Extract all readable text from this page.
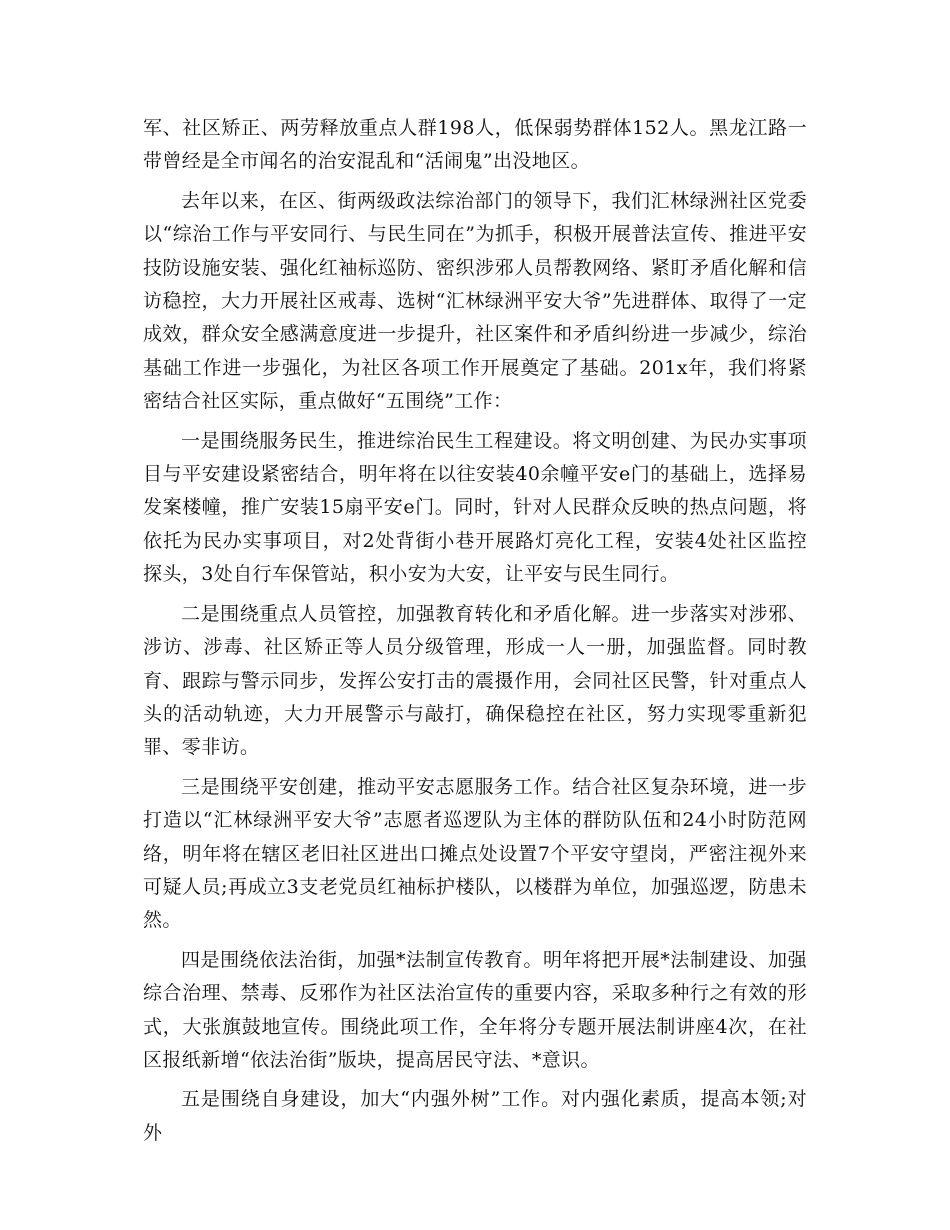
军、社区矫正、两劳释放重点人群198人，低保弱势群体152人。黑龙江路一带曾经是全市闻名的治安混乱和“活闹鬼”出没地区。

去年以来，在区、街两级政法综治部门的领导下，我们汇林绿洲社区党委以“综治工作与平安同行、与民生同在”为抓手，积极开展普法宣传、推进平安技防设施安装、强化红袖标巡防、密织涉邪人员帮教网络、紧盯矛盾化解和信访稳控，大力开展社区戒毒、选树“汇林绿洲平安大爷”先进群体、取得了一定成效，群众安全感满意度进一步提升，社区案件和矛盾纠纷进一步减少，综治基础工作进一步强化，为社区各项工作开展奠定了基础。201x年，我们将紧密结合社区实际，重点做好“五围绕”工作：

一是围绕服务民生，推进综治民生工程建设。将文明创建、为民办实事项目与平安建设紧密结合，明年将在以往安装40余幢平安e门的基础上，选择易发案楼幢，推广安装15扇平安e门。同时，针对人民群众反映的热点问题，将依托为民办实事项目，对2处背街小巷开展路灯亮化工程，安装4处社区监控探头，3处自行车保管站，积小安为大安，让平安与民生同行。

二是围绕重点人员管控，加强教育转化和矛盾化解。进一步落实对涉邪、涉访、涉毒、社区矫正等人员分级管理，形成一人一册，加强监督。同时教育、跟踪与警示同步，发挥公安打击的震摄作用，会同社区民警，针对重点人头的活动轨迹，大力开展警示与敲打，确保稳控在社区，努力实现零重新犯罪、零非访。

三是围绕平安创建，推动平安志愿服务工作。结合社区复杂环境，进一步打造以“汇林绿洲平安大爷”志愿者巡逻队为主体的群防队伍和24小时防范网络，明年将在辖区老旧社区进出口摊点处设置7个平安守望岗，严密注视外来可疑人员;再成立3支老党员红袖标护楼队，以楼群为单位，加强巡逻，防患未然。

四是围绕依法治街，加强*法制宣传教育。明年将把开展*法制建设、加强综合治理、禁毒、反邪作为社区法治宣传的重要内容，采取多种行之有效的形式，大张旗鼓地宣传。围绕此项工作，全年将分专题开展法制讲座4次，在社区报纸新增“依法治街”版块，提高居民守法、*意识。

五是围绕自身建设，加大“内强外树”工作。对内强化素质，提高本领;对外
